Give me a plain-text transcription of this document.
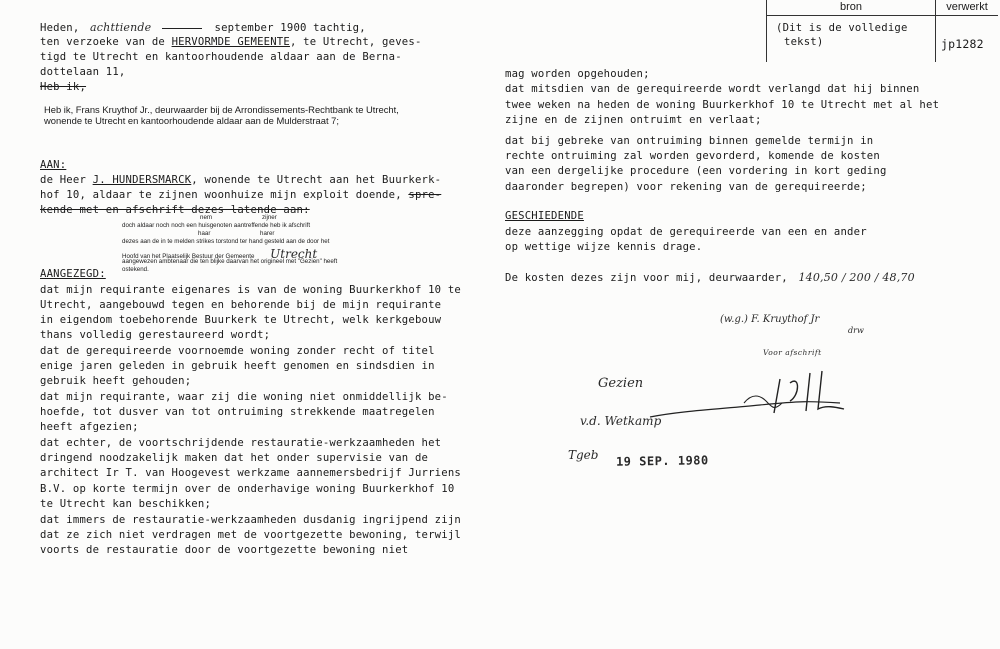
bron	verwerkt
(Dit is de volledige
tekst)	jp1282
Heden, achttiende	september 1900 tachtig,
ten verzoeke van de HERVORMDE GEMEENTE, te Utrecht, geves-
tigd te Utrecht en kantoorhoudende aldaar aan de Berna-
dottelaan 11,
Heb ik,
Heb ik, Frans Kruythof Jr., deurwaarder bij de Arrondissements-Rechtbank te Utrecht,
wonende te Utrecht en kantoorhoudende aldaar aan de Mulderstraat 7;
AAN:
de Heer J. HUNDERSMARCK, wonende te Utrecht aan het Buurkerk-
hof 10, aldaar te zijnen woonhuize mijn exploit doende, spre-
kende met en afschrift dezes latende aan:
nem	zijner
doch aldaar noch noch een huisgenoten aantreffende heb ik afschrift
haar	harer
dezes aan de in te melden strikes torstond ter hand gesteld aan de door het
Hoofd van het Plaatselijk Bestuur der Gemeente Utrecht
aangewezen ambtenaar die ten blijke daarvan het origineel met "Gezien" heeft
ostekend.
AANGEZEGD:
dat mijn requirante eigenares is van de woning Buurkerkhof 10 te
Utrecht, aangebouwd tegen en behorende bij de mijn requirante
in eigendom toebehorende Buurkerk te Utrecht, welk kerkgebouw
thans volledig gerestaureerd wordt;
dat de gerequireerde voornoemde woning zonder recht of titel
enige jaren geleden in gebruik heeft genomen en sindsdien in
gebruik heeft gehouden;
dat mijn requirante, waar zij die woning niet onmiddellijk be-
hoefde, tot dusver van tot ontruiming strekkende maatregelen
heeft afgezien;
dat echter, de voortschrijdende restauratie-werkzaamheden het
dringend noodzakelijk maken dat het onder supervisie van de
architect Ir T. van Hoogevest werkzame aannemersbedrijf Jurriens
B.V. op korte termijn over de onderhavige woning Buurkerkhof 10
te Utrecht kan beschikken;
dat immers de restauratie-werkzaamheden dusdanig ingrijpend zijn
dat ze zich niet verdragen met de voortgezette bewoning, terwijl
voorts de restauratie door de voortgezette bewoning niet
mag worden opgehouden;
dat mitsdien van de gerequireerde wordt verlangd dat hij binnen
twee weken na heden de woning Buurkerkhof 10 te Utrecht met al het
zijne en de zijnen ontruimt en verlaat;
dat bij gebreke van ontruiming binnen gemelde termijn in
rechte ontruiming zal worden gevorderd, komende de kosten
van een dergelijke procedure (een vordering in kort geding
daaronder begrepen) voor rekening van de gerequireerde;
GESCHIEDENDE
deze aanzegging opdat de gerequireerde van een en ander
op wettige wijze kennis drage.
De kosten dezes zijn voor mij, deurwaarder, 140,50 / 200 / 48,70
(w.g.) F. Kruythof Jr
drw
Voor afschrift
Gezien
v.d. Wetkamp
Tgeb 19 SEP. 1980
